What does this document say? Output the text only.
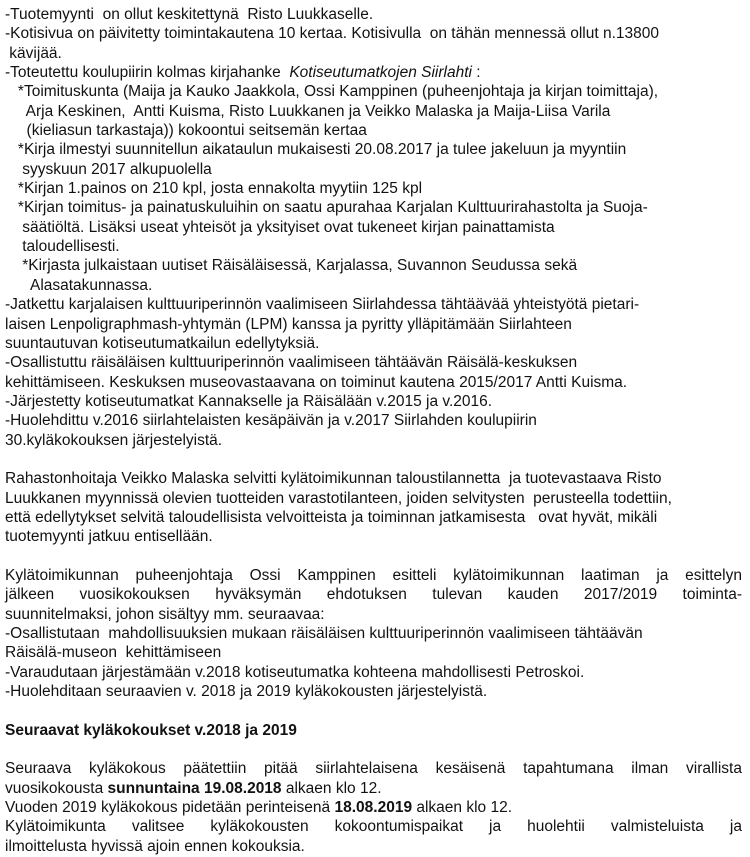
-Tuotemyynti  on ollut keskitettynä  Risto Luukkaselle.
-Kotisivua on päivitetty toimintakautena 10 kertaa. Kotisivulla  on tähän mennessä ollut n.13800
kävijää.
-Toteutettu koulupiirin kolmas kirjahanke  Kotiseutumatkojen Siirlahti :
*Toimituskunta (Maija ja Kauko Jaakkola, Ossi Kamppinen (puheenjohtaja ja kirjan toimittaja),
Arja Keskinen,  Antti Kuisma, Risto Luukkanen ja Veikko Malaska ja Maija-Liisa Varila
(kieliasun tarkastaja)) kokoontui seitsemän kertaa
*Kirja ilmestyi suunnitellun aikataulun mukaisesti 20.08.2017 ja tulee jakeluun ja myyntiin
syyskuun 2017 alkupuolella
*Kirjan 1.painos on 210 kpl, josta ennakolta myytiin 125 kpl
*Kirjan toimitus- ja painatuskuluihin on saatu apurahaa Karjalan Kulttuurirahastolta ja Suoja-
säätiöltä. Lisäksi useat yhteisöt ja yksityiset ovat tukeneet kirjan painattamista
taloudellisesti.
*Kirjasta julkaistaan uutiset Räisäläisessä, Karjalassa, Suvannon Seudussa sekä
Alasatakunnassa.
-Jatkettu karjalaisen kulttuuriperinnön vaalimiseen Siirlahdessa tähtäävää yhteistyötä pietari-
laisen Lenpoligraphmash-yhtymän (LPM) kanssa ja pyritty ylläpitämään Siirlahteen
suuntautuvan kotiseutumatkailun edellytyksiä.
-Osallistuttu räisäläisen kulttuuriperinnön vaalimiseen tähtäävän Räisälä-keskuksen
kehittämiseen. Keskuksen museovastaavana on toiminut kautena 2015/2017 Antti Kuisma.
-Järjestetty kotiseutumatkat Kannakselle ja Räisälään v.2015 ja v.2016.
-Huolehdittu v.2016 siirlahtelaisten kesäpäivän ja v.2017 Siirlahden koulupiirin
30.kyläkokouksen järjestelyistä.
Rahastonhoitaja Veikko Malaska selvitti kylätoimikunnan taloustilannetta  ja tuotevastaava Risto
Luukkanen myynnissä olevien tuotteiden varastotilanteen, joiden selvitysten  perusteella todettiin,
että edellytykset selvitä taloudellisista velvoitteista ja toiminnan jatkamisesta   ovat hyvät, mikäli
tuotemyynti jatkuu entisellään.
Kylätoimikunnan puheenjohtaja Ossi Kamppinen esitteli kylätoimikunnan laatiman ja esittelyn
jälkeen vuosikokouksen hyväksymän ehdotuksen tulevan kauden 2017/2019 toiminta-
suunnitelmaksi, johon sisältyy mm. seuraavaa:
-Osallistutaan  mahdollisuuksien mukaan räisäläisen kulttuuriperinnön vaalimiseen tähtäävän
Räisälä-museon  kehittämiseen
-Varaudutaan järjestämään v.2018 kotiseutumatka kohteena mahdollisesti Petroskoi.
-Huolehditaan seuraavien v. 2018 ja 2019 kyläkokousten järjestelyistä.
Seuraavat kyläkokoukset v.2018 ja 2019
Seuraava kyläkokous päätettiin pitää siirlahtelaisena kesäisenä tapahtumana ilman virallista
vuosikokousta sunnuntaina 19.08.2018 alkaen klo 12.
Vuoden 2019 kyläkokous pidetään perinteisenä 18.08.2019 alkaen klo 12.
Kylätoimikunta valitsee kyläkokousten kokoontumispaikat ja huolehtii valmisteluista ja
ilmoittelusta hyvissä ajoin ennen kokouksia.
